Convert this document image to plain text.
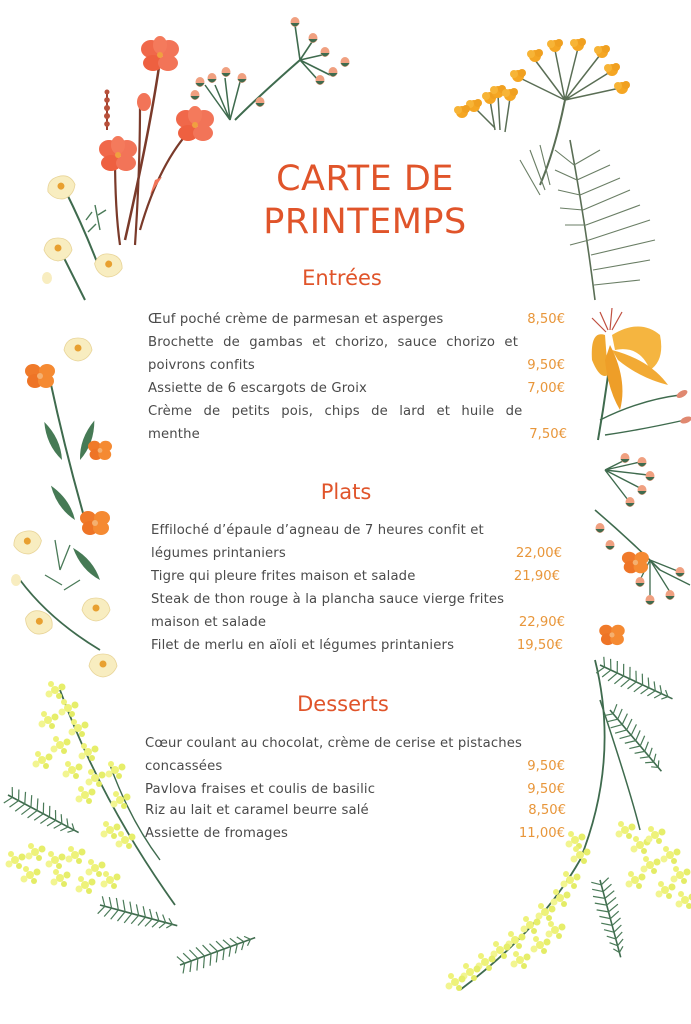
CARTE DE
PRINTEMPS
Entrées
Œuf poché crème de parmesan et asperges	8,50€
Brochette de gambas et chorizo, sauce chorizo et
poivrons confits	9,50€
Assiette de 6 escargots de Groix	7,00€
Crème de petits pois, chips de lard et huile de
menthe	7,50€
Plats
Effiloché d’épaule d’agneau de 7 heures confit et
légumes printaniers	22,00€
Tigre qui pleure frites maison et salade	21,90€
Steak de thon rouge à la plancha sauce vierge frites
maison et salade	22,90€
Filet de merlu en aïoli et légumes printaniers	19,50€
Desserts
Cœur coulant au chocolat, crème de cerise et pistaches
concassées	9,50€
Pavlova fraises et coulis de basilic	9,50€
Riz au lait et caramel beurre salé	8,50€
Assiette de fromages	11,00€
